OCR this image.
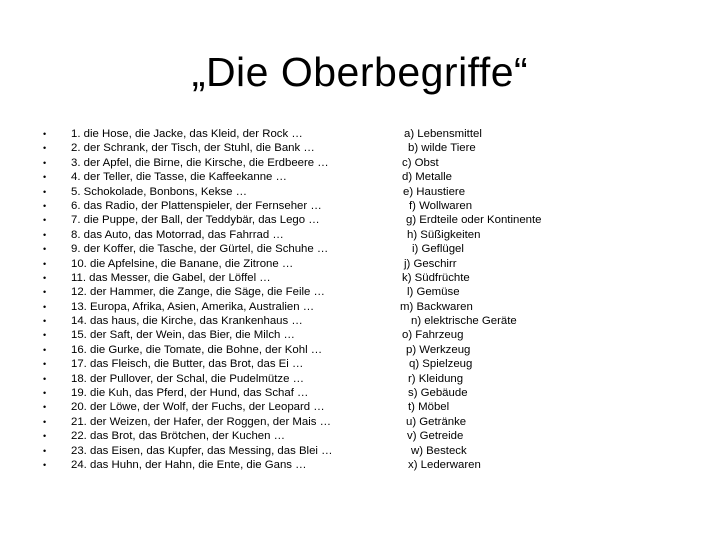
„Die Oberbegriffe“
• 1. die Hose, die Jacke, das Kleid, der Rock …	a) Lebensmittel
• 2. der Schrank, der Tisch, der Stuhl, die Bank …	b) wilde Tiere
• 3. der Apfel, die Birne, die Kirsche, die Erdbeere …	c) Obst
• 4. der Teller, die Tasse, die Kaffeekanne …	d) Metalle
• 5. Schokolade, Bonbons, Kekse …	e) Haustiere
• 6. das Radio, der Plattenspieler, der Fernseher …	f) Wollwaren
• 7. die Puppe, der Ball, der Teddybär, das Lego …	g) Erdteile oder Kontinente
• 8. das Auto, das Motorrad, das Fahrrad …	h) Süßigkeiten
• 9. der Koffer, die Tasche, der Gürtel, die Schuhe …	i) Geflügel
• 10. die Apfelsine, die Banane, die Zitrone …	j) Geschirr
• 11. das Messer, die Gabel, der Löffel …	k) Südfrüchte
• 12. der Hammer, die Zange, die Säge, die Feile …	l) Gemüse
• 13. Europa, Afrika, Asien, Amerika, Australien …	m) Backwaren
• 14. das haus, die Kirche, das Krankenhaus …	n) elektrische Geräte
• 15. der Saft, der Wein, das Bier, die Milch …	o) Fahrzeug
• 16. die Gurke, die Tomate, die Bohne, der Kohl …	p) Werkzeug
• 17. das Fleisch, die Butter, das Brot, das Ei …	q) Spielzeug
• 18. der Pullover, der Schal, die Pudelmütze …	r) Kleidung
• 19. die Kuh, das Pferd, der Hund, das Schaf …	s) Gebäude
• 20. der Löwe, der Wolf, der Fuchs, der Leopard …	t) Möbel
• 21. der Weizen, der Hafer, der Roggen, der Mais …	u) Getränke
• 22. das Brot, das Brötchen, der Kuchen …	v) Getreide
• 23. das Eisen, das Kupfer, das Messing, das Blei …	w) Besteck
• 24. das Huhn, der Hahn, die Ente, die Gans …	x) Lederwaren
